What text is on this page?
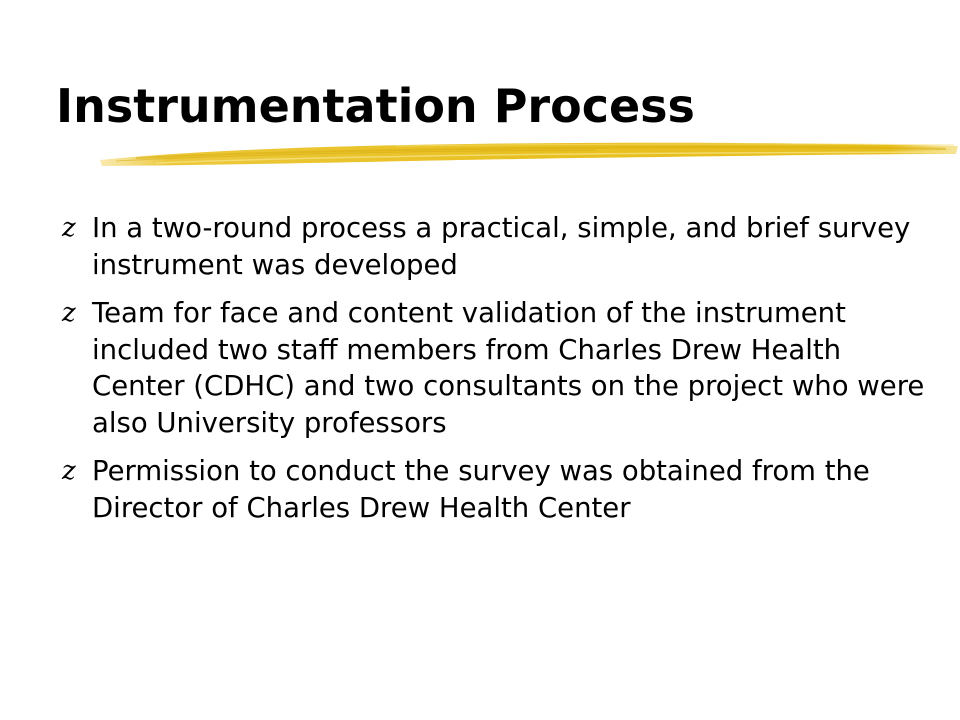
Instrumentation Process
z In a two-round process a practical, simple, and brief survey instrument was developed
z Team for face and content validation of the instrument included two staff members from Charles Drew Health Center (CDHC) and two consultants on the project who were also University professors
z Permission to conduct the survey was obtained from the Director of Charles Drew Health Center
